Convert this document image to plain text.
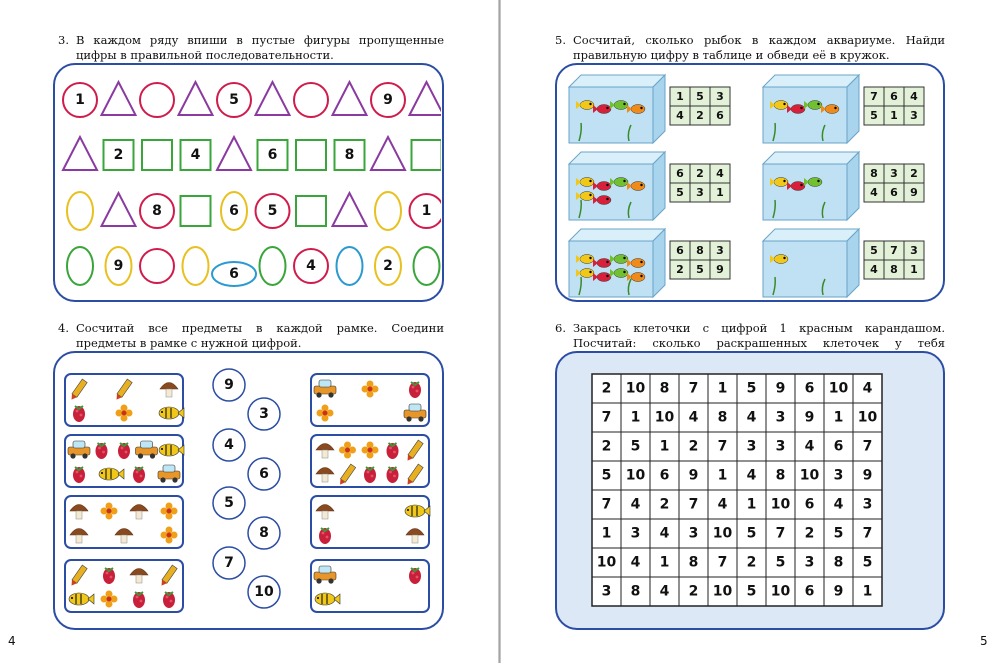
3. В каждом ряду впиши в пустые фигуры пропущенные цифры в правильной последовательности.
1	5	9
2	4	6	8
8	6 5	1
9	6	4	2
4. Сосчитай все предметы в каждой рамке. Соедини предметы в рамке с нужной цифрой.
9
3
4
6
5
8
7
10
4
5. Сосчитай, сколько рыбок в каждом аквариуме. Найди правильную цифру в таблице и обведи её в кружок.
1 5 3
4 2 6
7 6 4
5 1 3
6 2 4
5 3 1
8 3 2
4 6 9
6 8 3
2 5 9
5 7 3
4 8 1
6. Закрась клеточки с цифрой 1 красным карандашом. Посчитай: сколько раскрашенных клеточек у тебя
2 10 8 7 1 5 9 6 10 4
7 1 10 4 8 4 3 9 1 10
2 5 1 2 7 3 3 4 6 7
5 10 6 9 1 4 8 10 3 9
7 4 2 7 4 1 10 6 4 3
1 3 4 3 10 5 7 2 5 7
10 4 1 8 7 2 5 3 8 5
3 8 4 2 10 5 10 6 9 1
5
